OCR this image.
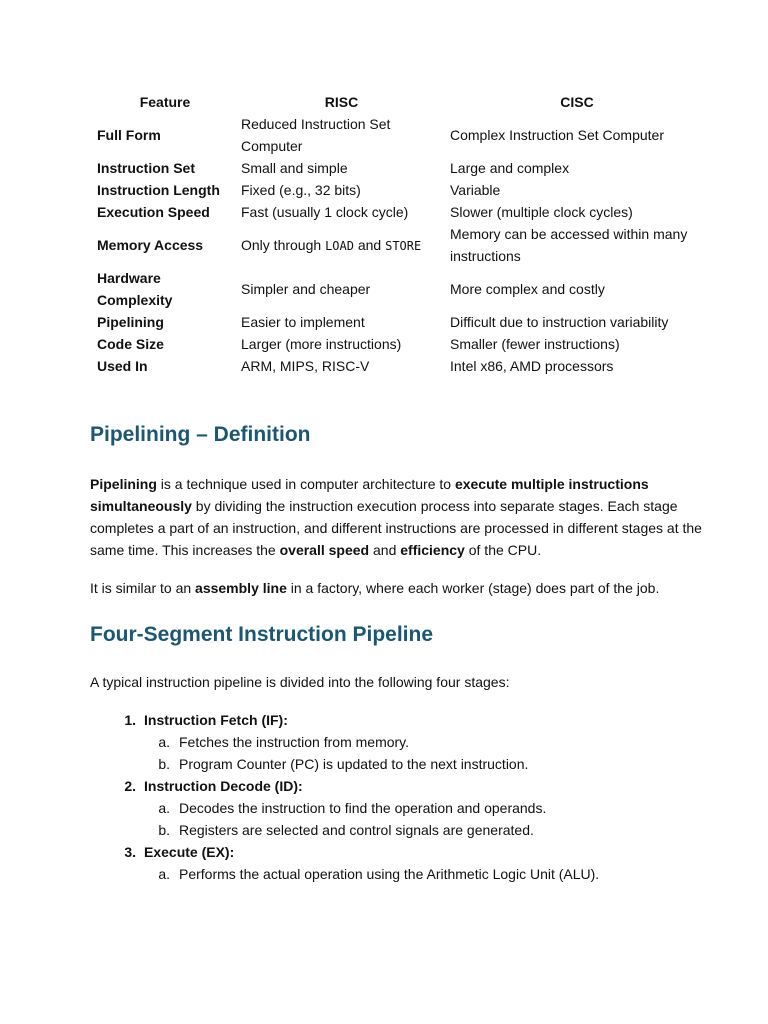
Feature	RISC	CISC
Full Form	Reduced Instruction Set Computer	Complex Instruction Set Computer
Instruction Set	Small and simple	Large and complex
Instruction Length	Fixed (e.g., 32 bits)	Variable
Execution Speed	Fast (usually 1 clock cycle)	Slower (multiple clock cycles)
Memory Access	Only through LOAD and STORE	Memory can be accessed within many instructions
Hardware Complexity	Simpler and cheaper	More complex and costly
Pipelining	Easier to implement	Difficult due to instruction variability
Code Size	Larger (more instructions)	Smaller (fewer instructions)
Used In	ARM, MIPS, RISC-V	Intel x86, AMD processors
Pipelining – Definition

Pipelining is a technique used in computer architecture to execute multiple instructions simultaneously by dividing the instruction execution process into separate stages. Each stage completes a part of an instruction, and different instructions are processed in different stages at the same time. This increases the overall speed and efficiency of the CPU.

It is similar to an assembly line in a factory, where each worker (stage) does part of the job.

Four-Segment Instruction Pipeline

A typical instruction pipeline is divided into the following four stages:

1. Instruction Fetch (IF):
a. Fetches the instruction from memory.
b. Program Counter (PC) is updated to the next instruction.
2. Instruction Decode (ID):
a. Decodes the instruction to find the operation and operands.
b. Registers are selected and control signals are generated.
3. Execute (EX):
a. Performs the actual operation using the Arithmetic Logic Unit (ALU).
